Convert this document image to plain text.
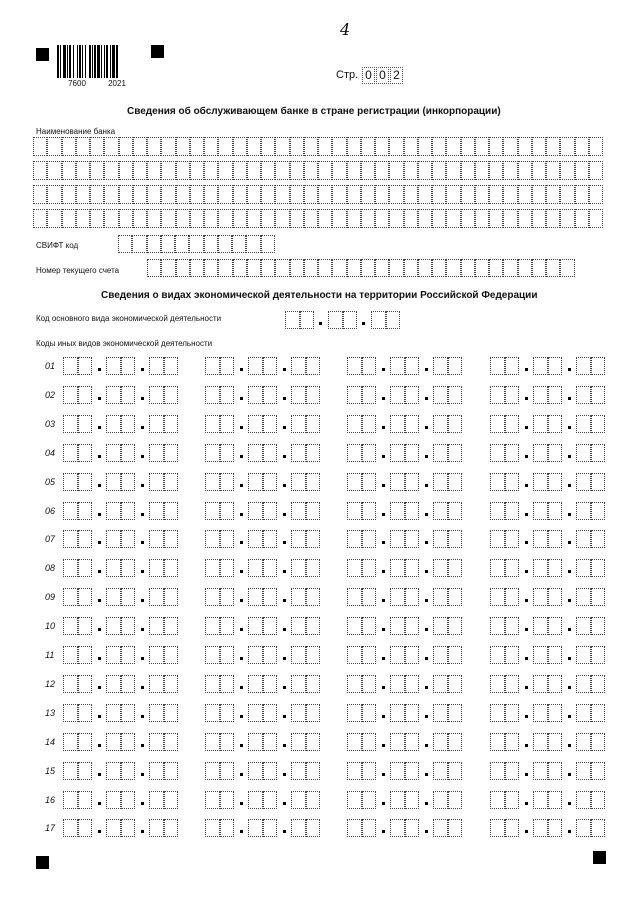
7600	2021
4
Стр. 0 0 2
Сведения об обслуживающем банке в стране регистрации (инкорпорации)
Наименование банка
СВИФТ код
Номер текущего счета
Сведения о видах экономической деятельности на территории Российской Федерации
Код основного вида экономической деятельности
Коды иных видов экономической деятельности
01
02
03
04
05
06
07
08
09
10
11
12
13
14
15
16
17
